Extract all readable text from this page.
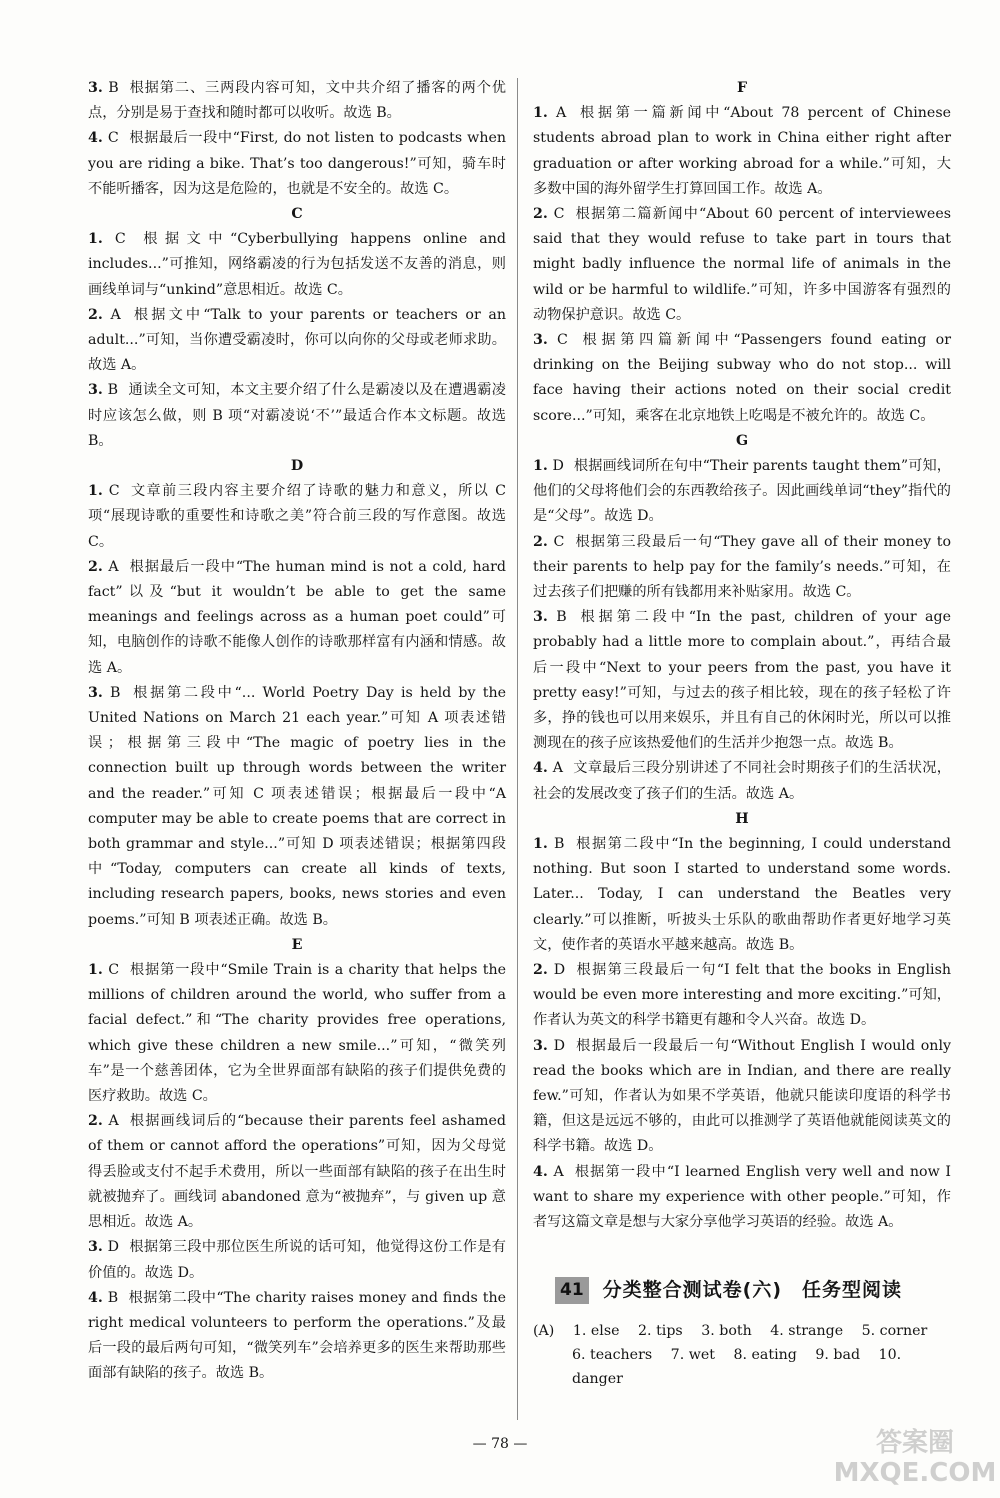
3. B 根据第二、三两段内容可知，文中共介绍了播客的两个优点，分别是易于查找和随时都可以收听。故选 B。
4. C 根据最后一段中“First, do not listen to podcasts when you are riding a bike. That’s too dangerous!”可知，骑车时不能听播客，因为这是危险的，也就是不安全的。故选 C。
C
1. C 根据文中“Cyberbullying happens online and includes...”可推知，网络霸凌的行为包括发送不友善的消息，则画线单词与“unkind”意思相近。故选 C。
2. A 根据文中“Talk to your parents or teachers or an adult...”可知，当你遭受霸凌时，你可以向你的父母或老师求助。故选 A。
3. B 通读全文可知，本文主要介绍了什么是霸凌以及在遭遇霸凌时应该怎么做，则 B 项“对霸凌说‘不’”最适合作本文标题。故选 B。
D
1. C 文章前三段内容主要介绍了诗歌的魅力和意义，所以 C 项“展现诗歌的重要性和诗歌之美”符合前三段的写作意图。故选 C。
2. A 根据最后一段中“The human mind is not a cold, hard fact”以及“but it wouldn’t be able to get the same meanings and feelings across as a human poet could”可知，电脑创作的诗歌不能像人创作的诗歌那样富有内涵和情感。故选 A。
3. B 根据第二段中“... World Poetry Day is held by the United Nations on March 21 each year.”可知 A 项表述错误；根据第三段中“The magic of poetry lies in the connection built up through words between the writer and the reader.”可知 C 项表述错误；根据最后一段中“A computer may be able to create poems that are correct in both grammar and style...”可知 D 项表述错误；根据第四段中“Today, computers can create all kinds of texts, including research papers, books, news stories and even poems.”可知 B 项表述正确。故选 B。
E
1. C 根据第一段中“Smile Train is a charity that helps the millions of children around the world, who suffer from a facial defect.”和“The charity provides free operations, which give these children a new smile...”可知，“微笑列车”是一个慈善团体，它为全世界面部有缺陷的孩子们提供免费的医疗救助。故选 C。
2. A 根据画线词后的“because their parents feel ashamed of them or cannot afford the operations”可知，因为父母觉得丢脸或支付不起手术费用，所以一些面部有缺陷的孩子在出生时就被抛弃了。画线词 abandoned 意为“被抛弃”，与 given up 意思相近。故选 A。
3. D 根据第三段中那位医生所说的话可知，他觉得这份工作是有价值的。故选 D。
4. B 根据第二段中“The charity raises money and finds the right medical volunteers to perform the operations.”及最后一段的最后两句可知，“微笑列车”会培养更多的医生来帮助那些面部有缺陷的孩子。故选 B。
F
1. A 根据第一篇新闻中“About 78 percent of Chinese students abroad plan to work in China either right after graduation or after working abroad for a while.”可知，大多数中国的海外留学生打算回国工作。故选 A。
2. C 根据第二篇新闻中“About 60 percent of interviewees said that they would refuse to take part in tours that might badly influence the normal life of animals in the wild or be harmful to wildlife.”可知，许多中国游客有强烈的动物保护意识。故选 C。
3. C 根据第四篇新闻中“Passengers found eating or drinking on the Beijing subway who do not stop... will face having their actions noted on their social credit score...”可知，乘客在北京地铁上吃喝是不被允许的。故选 C。
G
1. D 根据画线词所在句中“Their parents taught them”可知，他们的父母将他们会的东西教给孩子。因此画线单词“they”指代的是“父母”。故选 D。
2. C 根据第三段最后一句“They gave all of their money to their parents to help pay for the family’s needs.”可知，在过去孩子们把赚的所有钱都用来补贴家用。故选 C。
3. B 根据第二段中“In the past, children of your age probably had a little more to complain about.”，再结合最后一段中“Next to your peers from the past, you have it pretty easy!”可知，与过去的孩子相比较，现在的孩子轻松了许多，挣的钱也可以用来娱乐，并且有自己的休闲时光，所以可以推测现在的孩子应该热爱他们的生活并少抱怨一点。故选 B。
4. A 文章最后三段分别讲述了不同社会时期孩子们的生活状况，社会的发展改变了孩子们的生活。故选 A。
H
1. B 根据第二段中“In the beginning, I could understand nothing. But soon I started to understand some words. Later... Today, I can understand the Beatles very clearly.”可以推断，听披头士乐队的歌曲帮助作者更好地学习英文，使作者的英语水平越来越高。故选 B。
2. D 根据第三段最后一句“I felt that the books in English would be even more interesting and more exciting.”可知，作者认为英文的科学书籍更有趣和令人兴奋。故选 D。
3. D 根据最后一段最后一句“Without English I would only read the books which are in Indian, and there are really few.”可知，作者认为如果不学英语，他就只能读印度语的科学书籍，但这是远远不够的，由此可以推测学了英语他就能阅读英文的科学书籍。故选 D。
4. A 根据第一段中“I learned English very well and now I want to share my experience with other people.”可知，作者写这篇文章是想与大家分享他学习英语的经验。故选 A。
41 分类整合测试卷(六)　任务型阅读
(A) 1. else 2. tips 3. both 4. strange 5. corner
6. teachers 7. wet 8. eating 9. bad 10. danger
— 78 —	答案圈
MXQE.COM
